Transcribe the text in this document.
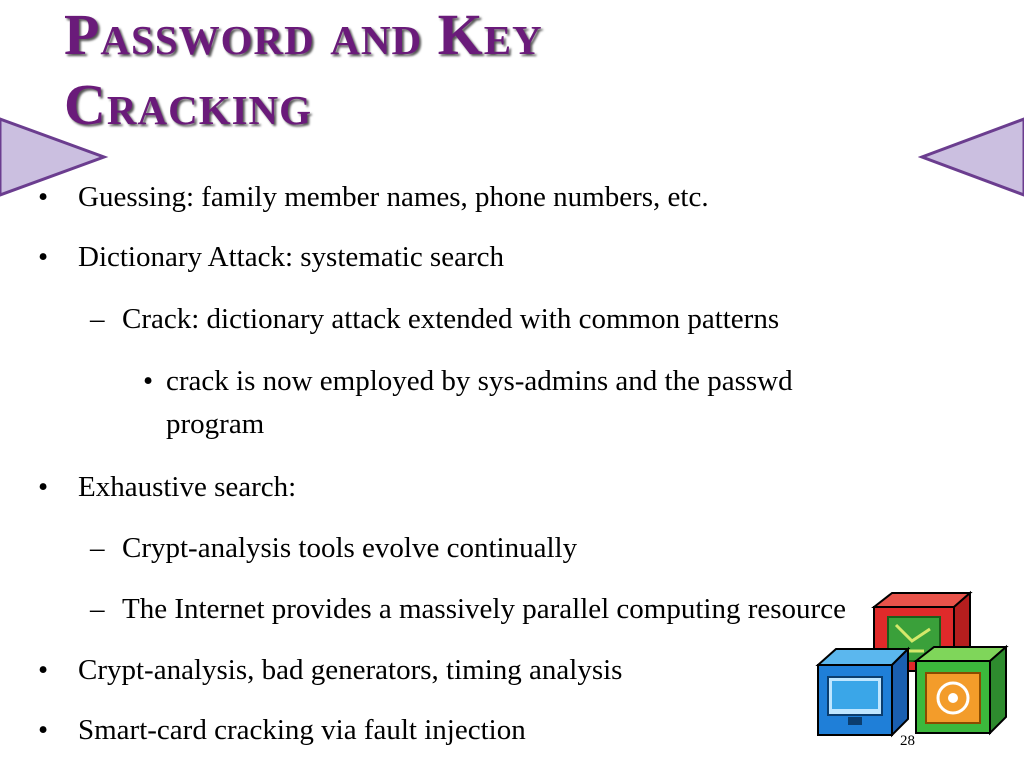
Password and Key
Cracking
• Guessing: family member names, phone numbers, etc.
• Dictionary Attack: systematic search
– Crack: dictionary attack extended with common patterns
• crack is now employed by sys-admins and the passwd
program
• Exhaustive search:
– Crypt-analysis tools evolve continually
– The Internet provides a massively parallel computing resource
• Crypt-analysis, bad generators, timing analysis
• Smart-card cracking via fault injection	28
